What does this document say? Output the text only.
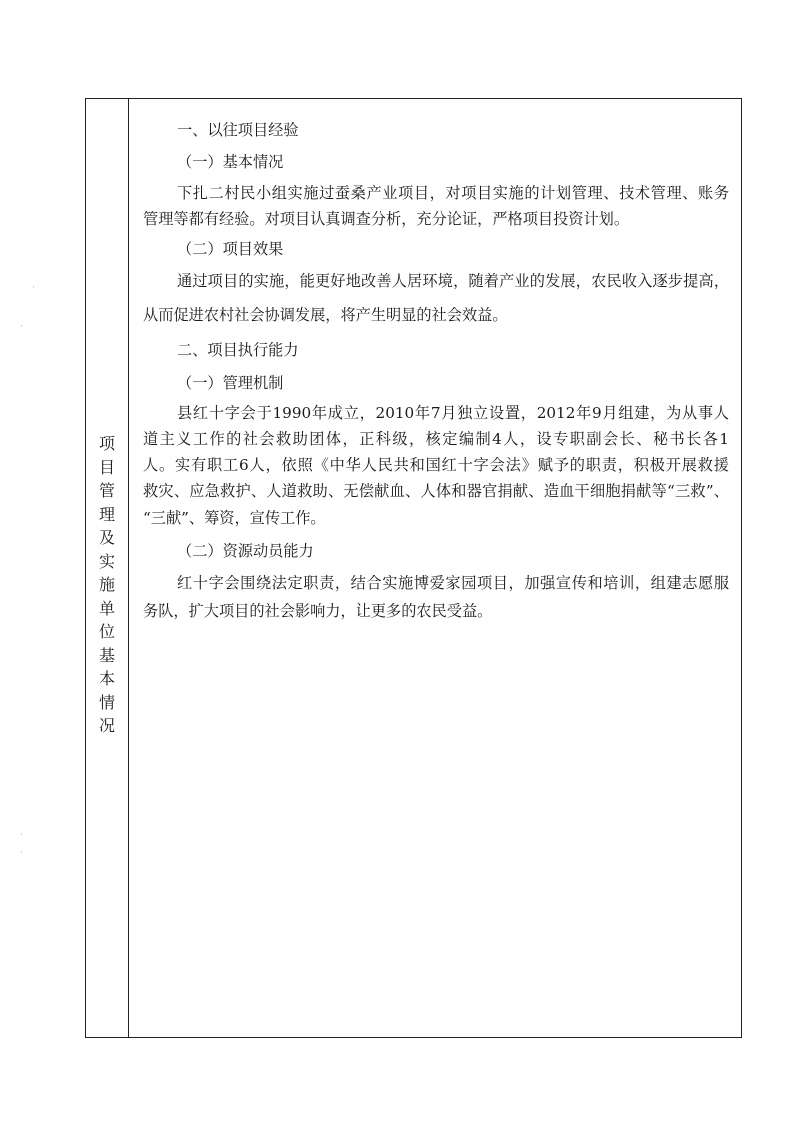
项
目
管
理
及
实
施
单
位
基
本
情
况
一、以往项目经验
（一）基本情况
下扎二村民小组实施过蚕桑产业项目，对项目实施的计划管理、技术管理、账务
管理等都有经验。对项目认真调查分析，充分论证，严格项目投资计划。
（二）项目效果
通过项目的实施，能更好地改善人居环境，随着产业的发展，农民收入逐步提高，
从而促进农村社会协调发展，将产生明显的社会效益。
二、项目执行能力
（一）管理机制
县红十字会于1990年成立，2010年7月独立设置，2012年9月组建，为从事人
道主义工作的社会救助团体，正科级，核定编制4人，设专职副会长、秘书长各1
人。实有职工6人，依照《中华人民共和国红十字会法》赋予的职责，积极开展救援
救灾、应急救护、人道救助、无偿献血、人体和器官捐献、造血干细胞捐献等“三救”、
“三献”、筹资，宣传工作。
（二）资源动员能力
红十字会围绕法定职责，结合实施博爱家园项目，加强宣传和培训，组建志愿服
务队，扩大项目的社会影响力，让更多的农民受益。
·
·
·
·
